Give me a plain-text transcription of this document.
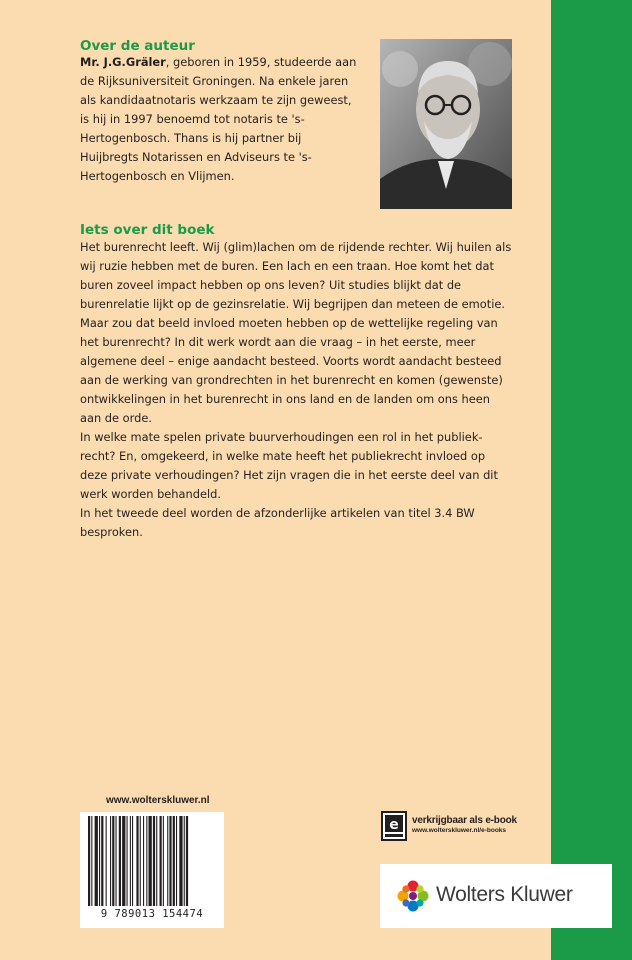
Over de auteur

Mr. J.G.Gräler, geboren in 1959, studeerde aan de Rijksuniversiteit Groningen. Na enkele jaren als kandidaatnotaris werkzaam te zijn geweest, is hij in 1997 benoemd tot notaris te 's-Hertogenbosch. Thans is hij partner bij Huijbregts Notarissen en Adviseurs te 's-Hertogenbosch en Vlijmen.

Iets over dit boek

Het burenrecht leeft. Wij (glim)lachen om de rijdende rechter. Wij huilen als wij ruzie hebben met de buren. Een lach en een traan. Hoe komt het dat buren zoveel impact hebben op ons leven? Uit studies blijkt dat de burenrelatie lijkt op de gezinsrelatie. Wij begrijpen dan meteen de emotie. Maar zou dat beeld invloed moeten hebben op de wettelijke regeling van het burenrecht? In dit werk wordt aan die vraag – in het eerste, meer algemene deel – enige aandacht besteed. Voorts wordt aandacht besteed aan de werking van grondrechten in het burenrecht en komen (gewenste) ontwikkelingen in het burenrecht in ons land en de landen om ons heen aan de orde.

In welke mate spelen private buurverhoudingen een rol in het publiekrecht? En, omgekeerd, in welke mate heeft het publiekrecht invloed op deze private verhoudingen? Het zijn vragen die in het eerste deel van dit werk worden behandeld.

In het tweede deel worden de afzonderlijke artikelen van titel 3.4 BW besproken.

www.wolterskluwer.nl
9 789013 154474
e verkrijgbaar als e-book
www.wolterskluwer.nl/e-books
Wolters Kluwer
